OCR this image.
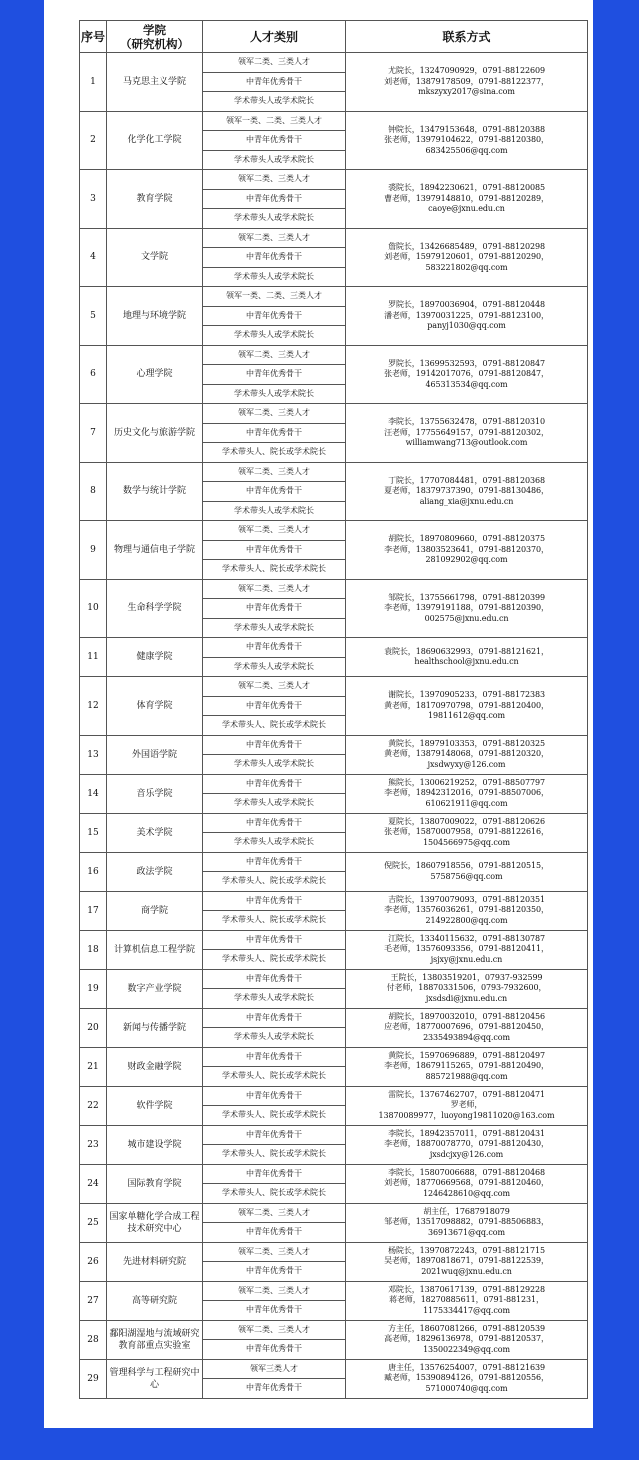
序号	学院
（研究机构）	人才类别	联系方式
1	马克思主义学院	领军二类、三类人才	尤院长，13247090929，0791-88122609
刘老师，13879178509，0791-88122377，
mkszyxy2017@sina.com

		中青年优秀骨干	
		学术带头人或学术院长	
2	化学化工学院	领军一类、二类、三类人才	钟院长，13479153648，0791-88120388
张老师，13979104622，0791-88120380，
683425506@qq.com

		中青年优秀骨干	
		学术带头人或学术院长	
3	教育学院	领军二类、三类人才	裘院长，18942230621，0791-88120085
曹老师，13979148810，0791-88120289，
caoye@jxnu.edu.cn

		中青年优秀骨干	
		学术带头人或学术院长	
4	文学院	领军二类、三类人才	詹院长，13426685489，0791-88120298
刘老师，15979120601，0791-88120290，
583221802@qq.com

		中青年优秀骨干	
		学术带头人或学术院长	
5	地理与环境学院	领军一类、二类、三类人才	罗院长，18970036904，0791-88120448
潘老师，13970031225，0791-88123100，
panyj1030@qq.com

		中青年优秀骨干	
		学术带头人或学术院长	
6	心理学院	领军二类、三类人才	罗院长，13699532593，0791-88120847
张老师，19142017076，0791-88120847，
465313534@qq.com

		中青年优秀骨干	
		学术带头人或学术院长	
7	历史文化与旅游学院	领军二类、三类人才	李院长，13755632478，0791-88120310
汪老师，17755649157，0791-88120302，
williamwang713@outlook.com

		中青年优秀骨干	
		学术带头人、院长或学术院长	
8	数学与统计学院	领军二类、三类人才	丁院长，17707084481，0791-88120368
夏老师，18379737390，0791-88130486，
aliang_xia@jxnu.edu.cn

		中青年优秀骨干	
		学术带头人或学术院长	
9	物理与通信电子学院	领军二类、三类人才	胡院长，18970809660，0791-88120375
李老师，13803523641，0791-88120370，
281092902@qq.com

		中青年优秀骨干	
		学术带头人、院长或学术院长	
10	生命科学学院	领军二类、三类人才	邹院长，13755661798，0791-88120399
李老师，13979191188，0791-88120390，
002575@jxnu.edu.cn

		中青年优秀骨干	
		学术带头人或学术院长	
11	健康学院	中青年优秀骨干	袁院长，18690632993，0791-88121621，
healthschool@jxnu.edu.cn

		学术带头人或学术院长	
12	体育学院	领军二类、三类人才	谢院长，13970905233，0791-88172383
黄老师，18170970798，0791-88120400，
19811612@qq.com

		中青年优秀骨干	
		学术带头人、院长或学术院长	
13	外国语学院	中青年优秀骨干	黄院长，18979103353，0791-88120325
黄老师，13879148068，0791-88120320，
jxsdwyxy@126.com

		学术带头人或学术院长	
14	音乐学院	中青年优秀骨干	熊院长，13006219252，0791-88507797
李老师，18942312016，0791-88507006，
610621911@qq.com

		学术带头人或学术院长	
15	美术学院	中青年优秀骨干	夏院长，13807009022，0791-88120626
张老师，15870007958，0791-88122616，
1504566975@qq.com

		学术带头人或学术院长	
16	政法学院	中青年优秀骨干	倪院长，18607918556，0791-88120515，
5758756@qq.com

		学术带头人、院长或学术院长	
17	商学院	中青年优秀骨干	吉院长，13970079093，0791-88120351
李老师，13576036261，0791-88120350，
214922800@qq.com

		学术带头人、院长或学术院长	
18	计算机信息工程学院	中青年优秀骨干	江院长，13340115632，0791-88130787
毛老师，13576093356，0791-88120411，
jsjxy@jxnu.edu.cn

		学术带头人、院长或学术院长	
19	数字产业学院	中青年优秀骨干	王院长，13803519201，07937-932599
付老师，18870331506，0793-7932600，
jxsdsdi@jxnu.edu.cn

		学术带头人或学术院长	
20	新闻与传播学院	中青年优秀骨干	胡院长，18970032010，0791-88120456
应老师，18770007696，0791-88120450，
2335493894@qq.com

		学术带头人或学术院长	
21	财政金融学院	中青年优秀骨干	黄院长，15970696889，0791-88120497
李老师，18679115265，0791-88120490，
885721988@qq.com

		学术带头人、院长或学术院长	
22	软件学院	中青年优秀骨干	雷院长，13767462707，0791-88120471
罗老师，
13870089977，luoyong19811020@163.com

		学术带头人、院长或学术院长	
23	城市建设学院	中青年优秀骨干	李院长，18942357011，0791-88120431
李老师，18870078770，0791-88120430，
jxsdcjxy@126.com

		学术带头人、院长或学术院长	
24	国际教育学院	中青年优秀骨干	李院长，15807006688，0791-88120468
刘老师，18770669568，0791-88120460，
1246428610@qq.com

		学术带头人、院长或学术院长	
25	国家单糖化学合成工程技术研究中心	领军二类、三类人才	胡主任，17687918079
邹老师，13517098882，0791-88506883，
36913671@qq.com

		中青年优秀骨干	
26	先进材料研究院	领军二类、三类人才	杨院长，13970872243，0791-88121715
吴老师，18970818671，0791-88122539，
2021wuq@jxnu.edu.cn

		中青年优秀骨干	
27	高等研究院	领军二类、三类人才	邓院长，13870617139，0791-88129228
蒋老师，18270885611，0791-881231，
1175334417@qq.com

		中青年优秀骨干	
28	鄱阳湖湿地与流域研究教育部重点实验室	领军二类、三类人才	方主任，18607081266，0791-88120539
高老师，18296136978，0791-88120537，
1350022349@qq.com

		中青年优秀骨干	
29	管理科学与工程研究中心	领军三类人才	唐主任，13576254007，0791-88121639
臧老师，15390894126，0791-88120556，
571000740@qq.com

		中青年优秀骨干	
